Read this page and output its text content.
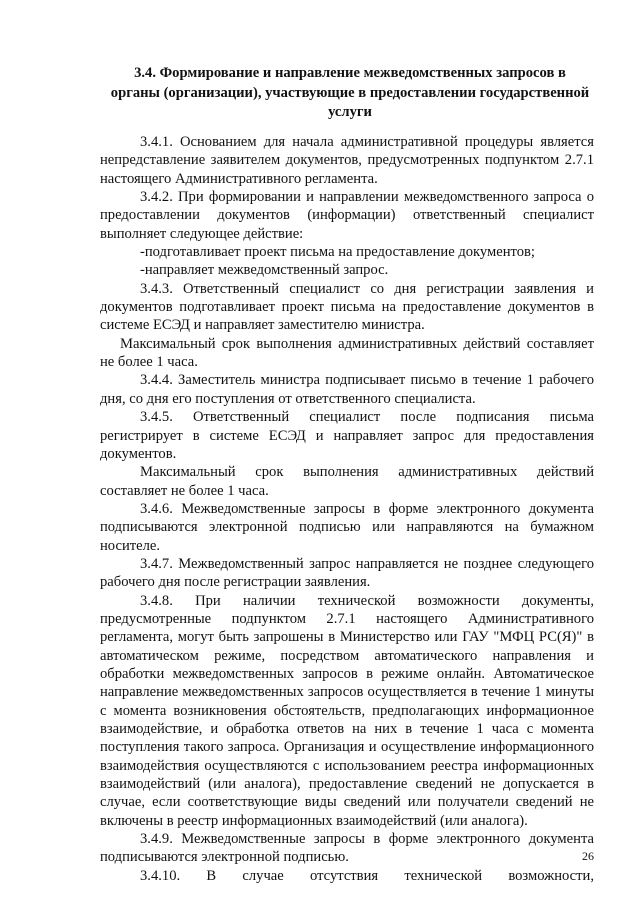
3.4. Формирование и направление межведомственных запросов в
органы (организации), участвующие в предоставлении государственной
услуги
3.4.1. Основанием для начала административной процедуры является
непредставление заявителем документов, предусмотренных подпунктом 2.7.1
настоящего Административного регламента.
3.4.2. При формировании и направлении межведомственного запроса о
предоставлении документов (информации) ответственный специалист
выполняет следующее действие:
-подготавливает проект письма на предоставление документов;
-направляет межведомственный запрос.
3.4.3. Ответственный специалист со дня регистрации заявления и
документов подготавливает проект письма на предоставление документов в
системе ЕСЭД и направляет заместителю министра.
Максимальный срок выполнения административных действий составляет
не более 1 часа.
3.4.4. Заместитель министра подписывает письмо в течение 1 рабочего
дня, со дня его поступления от ответственного специалиста.
3.4.5. Ответственный специалист после подписания письма
регистрирует в системе ЕСЭД и направляет запрос для предоставления
документов.
Максимальный срок выполнения административных действий
составляет не более 1 часа.
3.4.6. Межведомственные запросы в форме электронного документа
подписываются электронной подписью или направляются на бумажном
носителе.
3.4.7. Межведомственный запрос направляется не позднее следующего
рабочего дня после регистрации заявления.
3.4.8. При наличии технической возможности документы,
предусмотренные подпунктом 2.7.1 настоящего Административного
регламента, могут быть запрошены в Министерство или ГАУ "МФЦ РС(Я)" в
автоматическом режиме, посредством автоматического направления и
обработки межведомственных запросов в режиме онлайн. Автоматическое
направление межведомственных запросов осуществляется в течение 1 минуты
с момента возникновения обстоятельств, предполагающих информационное
взаимодействие, и обработка ответов на них в течение 1 часа с момента
поступления такого запроса. Организация и осуществление информационного
взаимодействия осуществляются с использованием реестра информационных
взаимодействий (или аналога), предоставление сведений не допускается в
случае, если соответствующие виды сведений или получатели сведений не
включены в реестр информационных взаимодействий (или аналога).
3.4.9. Межведомственные запросы в форме электронного документа
подписываются электронной подписью.
3.4.10. В случае отсутствия технической возможности,
26
